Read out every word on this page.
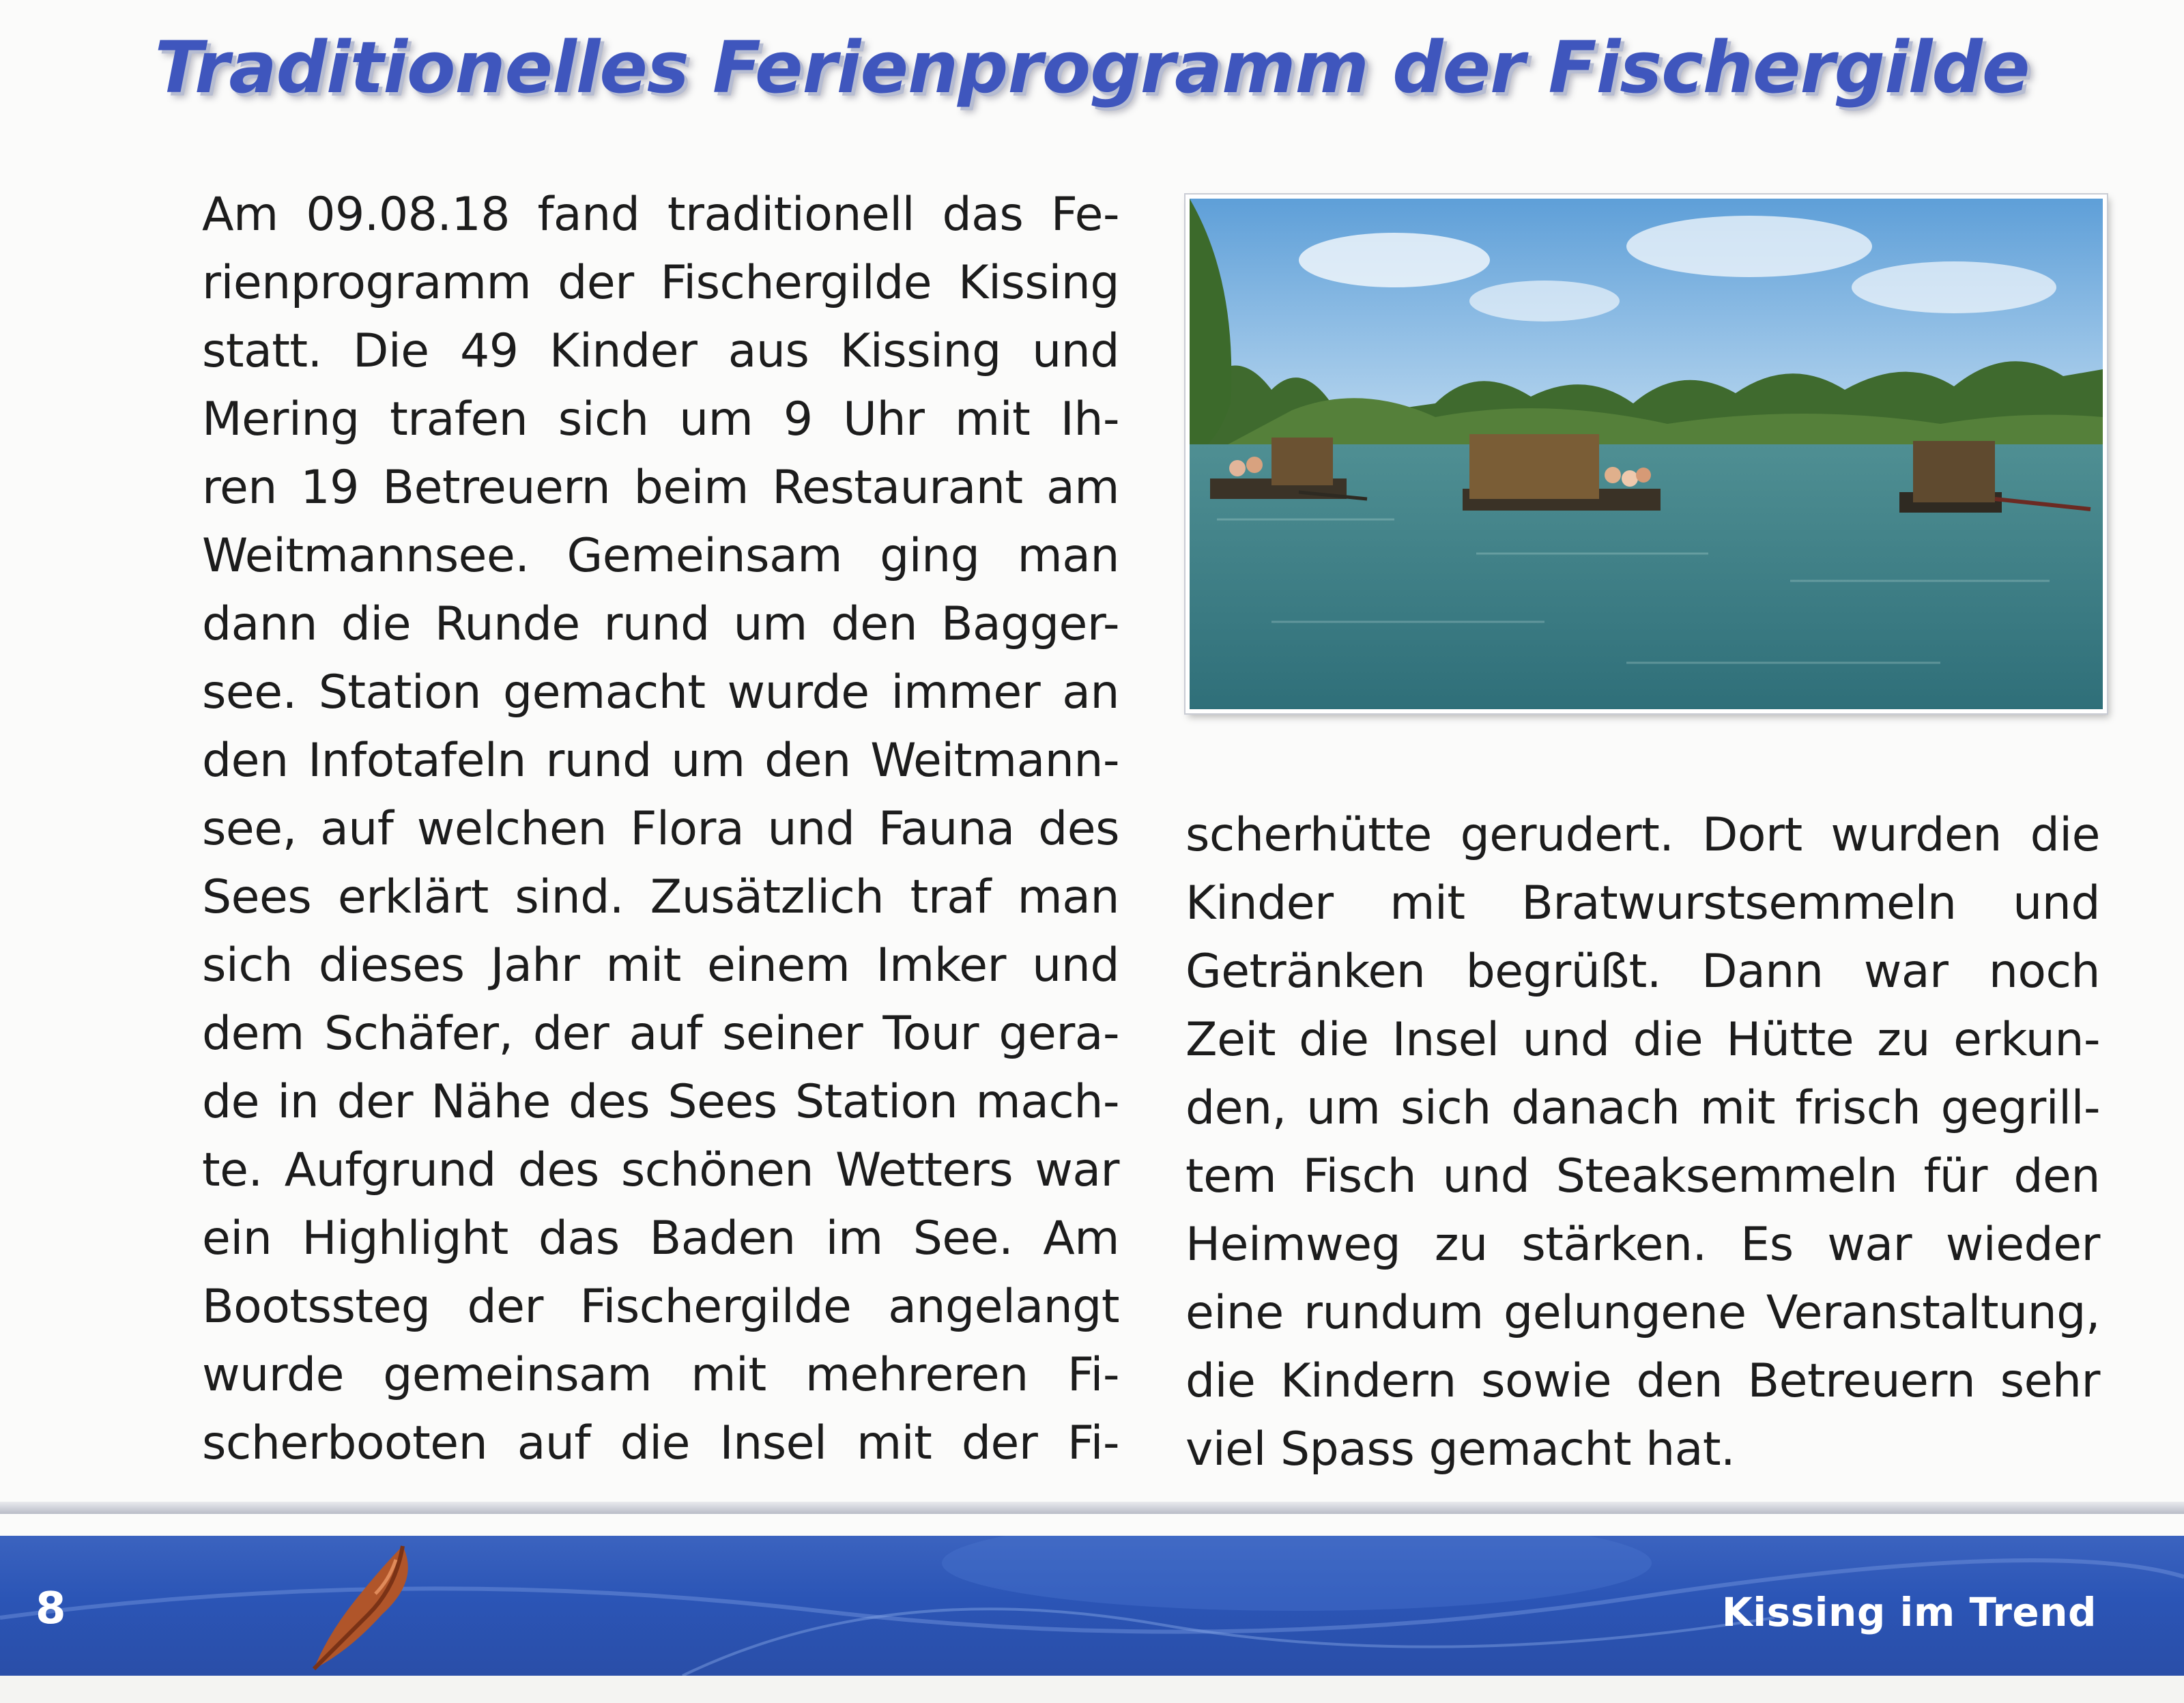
Traditionelles Ferienprogramm der Fischergilde
Am 09.08.18 fand traditionell das Fe-
rienprogramm der Fischergilde Kissing
statt. Die 49 Kinder aus Kissing und
Mering trafen sich um 9 Uhr mit Ih-
ren 19 Betreuern beim Restaurant am
Weitmannsee. Gemeinsam ging man
dann die Runde rund um den Bagger-
see. Station gemacht wurde immer an
den Infotafeln rund um den Weitmann-
see, auf welchen Flora und Fauna des
Sees erklärt sind. Zusätzlich traf man
sich dieses Jahr mit einem Imker und
dem Schäfer, der auf seiner Tour gera-
de in der Nähe des Sees Station mach-
te. Aufgrund des schönen Wetters war
ein Highlight das Baden im See. Am
Bootssteg der Fischergilde angelangt
wurde gemeinsam mit mehreren Fi-
scherbooten auf die Insel mit der Fi-
scherhütte gerudert. Dort wurden die
Kinder mit Bratwurstsemmeln und
Getränken begrüßt. Dann war noch
Zeit die Insel und die Hütte zu erkun-
den, um sich danach mit frisch gegrill-
tem Fisch und Steaksemmeln für den
Heimweg zu stärken. Es war wieder
eine rundum gelungene Veranstaltung,
die Kindern sowie den Betreuern sehr
viel Spass gemacht hat.
8	Kissing im Trend
